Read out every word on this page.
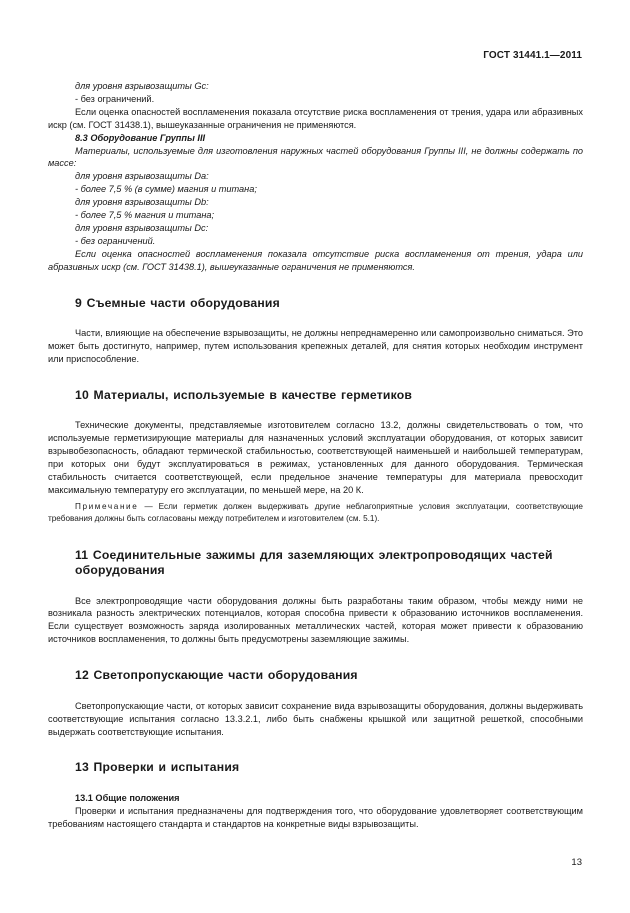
ГОСТ 31441.1—2011

для уровня взрывозащиты Gc:

- без ограничений.

Если оценка опасностей воспламенения показала отсутствие риска воспламенения от трения, удара или абразивных искр (см. ГОСТ 31438.1), вышеуказанные ограничения не применяются.

8.3 Оборудование Группы III

Материалы, используемые для изготовления наружных частей оборудования Группы III, не должны содержать по массе:

для уровня взрывозащиты Da:

- более 7,5 % (в сумме) магния и титана;

для уровня взрывозащиты Db:

- более 7,5 % магния и титана;

для уровня взрывозащиты Dc:

- без ограничений.

Если оценка опасностей воспламенения показала отсутствие риска воспламенения от трения, удара или абразивных искр (см. ГОСТ 31438.1), вышеуказанные ограничения не применяются.

9 Съемные части оборудования

Части, влияющие на обеспечение взрывозащиты, не должны непреднамеренно или самопроизвольно сниматься. Это может быть достигнуто, например, путем использования крепежных деталей, для снятия которых необходим инструмент или приспособление.

10 Материалы, используемые в качестве герметиков

Технические документы, представляемые изготовителем согласно 13.2, должны свидетельствовать о том, что используемые герметизирующие материалы для назначенных условий эксплуатации оборудования, от которых зависит взрывобезопасность, обладают термической стабильностью, соответствующей наименьшей и наибольшей температурам, при которых они будут эксплуатироваться в режимах, установленных для данного оборудования. Термическая стабильность считается соответствующей, если предельное значение температуры для материала превосходит максимальную температуру его эксплуатации, по меньшей мере, на 20 К.

Примечание — Если герметик должен выдерживать другие неблагоприятные условия эксплуатации, соответствующие требования должны быть согласованы между потребителем и изготовителем (см. 5.1).

11 Соединительные зажимы для заземляющих электропроводящих частей
оборудования

Все электропроводящие части оборудования должны быть разработаны таким образом, чтобы между ними не возникала разность электрических потенциалов, которая способна привести к образованию источников воспламенения. Если существует возможность заряда изолированных металлических частей, которая может привести к образованию источников воспламенения, то должны быть предусмотрены заземляющие зажимы.

12 Светопропускающие части оборудования

Светопропускающие части, от которых зависит сохранение вида взрывозащиты оборудования, должны выдерживать соответствующие испытания согласно 13.3.2.1, либо быть снабжены крышкой или защитной решеткой, способными выдержать соответствующие испытания.

13 Проверки и испытания

13.1 Общие положения

Проверки и испытания предназначены для подтверждения того, что оборудование удовлетворяет соответствующим требованиям настоящего стандарта и стандартов на конкретные виды взрывозащиты.

13
